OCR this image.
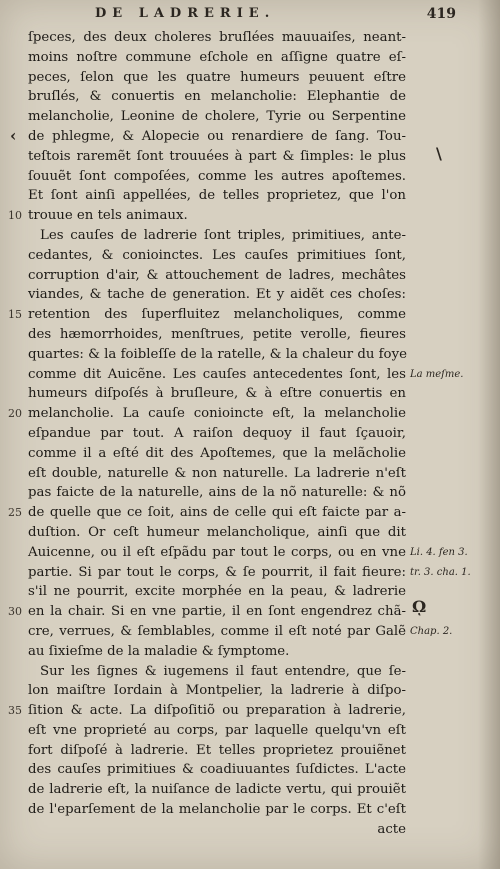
DE LADRERIE.	419
ſpeces, des deux choleres bruſlées mauuaiſes, neant-
moins noſtre commune eſchole en aſſigne quatre eſ-
peces, ſelon que les quatre humeurs peuuent eſtre
bruſlés, & conuertis en melancholie: Elephantie de
melancholie, Leonine de cholere, Tyrie ou Serpentine
de phlegme, & Alopecie ou renardiere de ſang. Tou-
teſtois raremẽt ſont trouuées à part & ſimples: le plus
ſouuẽt ſont compoſées, comme les autres apoſtemes.
Et ſont ainſi appellées, de telles proprietez, que l'on
10 trouue en tels animaux.
Les cauſes de ladrerie ſont triples, primitiues, ante-
cedantes, & conioinctes. Les cauſes primitiues ſont,
corruption d'air, & attouchement de ladres, mechâtes
viandes, & tache de generation. Et y aidẽt ces choſes:
15 retention des ſuperfluitez melancholiques, comme
des hæmorrhoides, menſtrues, petite verolle, fieures
quartes: & la foibleſſe de la ratelle, & la chaleur du foye
comme dit Auicẽne. Les cauſes antecedentes ſont, les La meſme.
humeurs diſpoſés à bruſleure, & à eſtre conuertis en
20 melancholie. La cauſe conioincte eſt, la melancholie
eſpandue par tout. A raiſon dequoy il faut ſçauoir,
comme il a eſté dit des Apoſtemes, que la melãcholie
eſt double, naturelle & non naturelle. La ladrerie n'eſt
pas faicte de la naturelle, ains de la nõ naturelle: & nõ
25 de quelle que ce ſoit, ains de celle qui eſt faicte par a-
duſtion. Or ceſt humeur melancholique, ainſi que dit
Auicenne, ou il eſt eſpãdu par tout le corps, ou en vne Li. 4. fen 3.
partie. Si par tout le corps, & ſe pourrit, il fait fieure: tr. 3. cha. 1.
s'il ne pourrit, excite morphée en la peau, & ladrerie
30 en la chair. Si en vne partie, il en ſont engendrez chã-
cre, verrues, & ſemblables, comme il eſt noté par Galẽ Chap. 2.
au ſixieſme de la maladie & ſymptome.
Sur les ſignes & iugemens il faut entendre, que ſe-
lon maiſtre Iordain à Montpelier, la ladrerie à diſpo-
35 ſition & acte. La diſpoſitiõ ou preparation à ladrerie,
eſt vne proprieté au corps, par laquelle quelqu'vn eſt
fort diſpoſé à ladrerie. Et telles proprietez prouiẽnet
des cauſes primitiues & coadiuuantes ſuſdictes. L'acte
de ladrerie eſt, la nuiſance de ladicte vertu, qui prouiẽt
de l'eparſement de la melancholie par le corps. Et c'eſt
acte
‹
\
ῼ
